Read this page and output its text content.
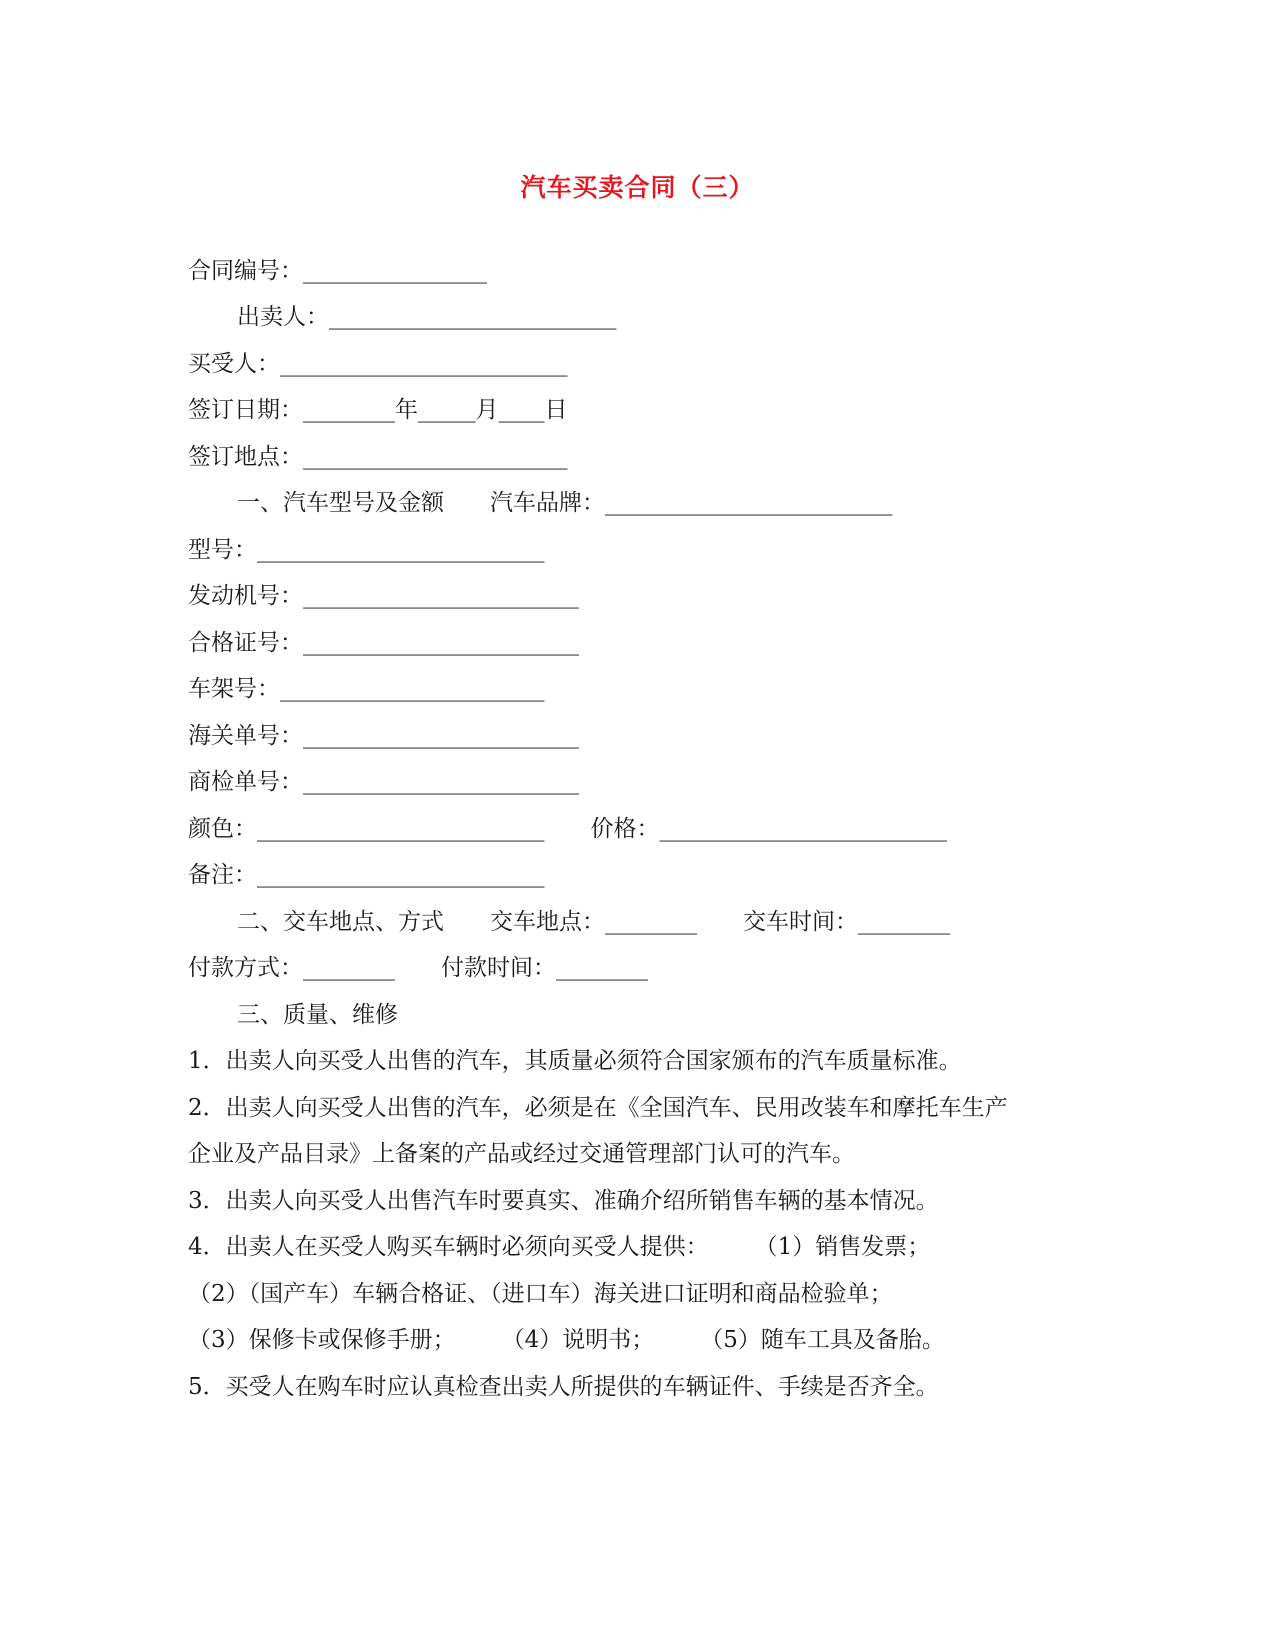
汽车买卖合同（三）
合同编号：________________
出卖人：_________________________
买受人：_________________________
签订日期：________年_____月____日
签订地点：_______________________
一、汽车型号及金额　　汽车品牌：_________________________
型号：_________________________
发动机号：________________________
合格证号：________________________
车架号：_______________________
海关单号：________________________
商检单号：________________________
颜色：_________________________　　价格：_________________________
备注：_________________________
二、交车地点、方式　　交车地点：________　　交车时间：________
付款方式：________　　付款时间：________
三、质量、维修
1．出卖人向买受人出售的汽车，其质量必须符合国家颁布的汽车质量标准。
2．出卖人向买受人出售的汽车，必须是在《全国汽车、民用改装车和摩托车生产
企业及产品目录》上备案的产品或经过交通管理部门认可的汽车。
3．出卖人向买受人出售汽车时要真实、准确介绍所销售车辆的基本情况。
4．出卖人在买受人购买车辆时必须向买受人提供：　　　（1）销售发票；
（2）（国产车）车辆合格证、（进口车）海关进口证明和商品检验单；
（3）保修卡或保修手册；　　　（4）说明书；　　　（5）随车工具及备胎。
5．买受人在购车时应认真检查出卖人所提供的车辆证件、手续是否齐全。
